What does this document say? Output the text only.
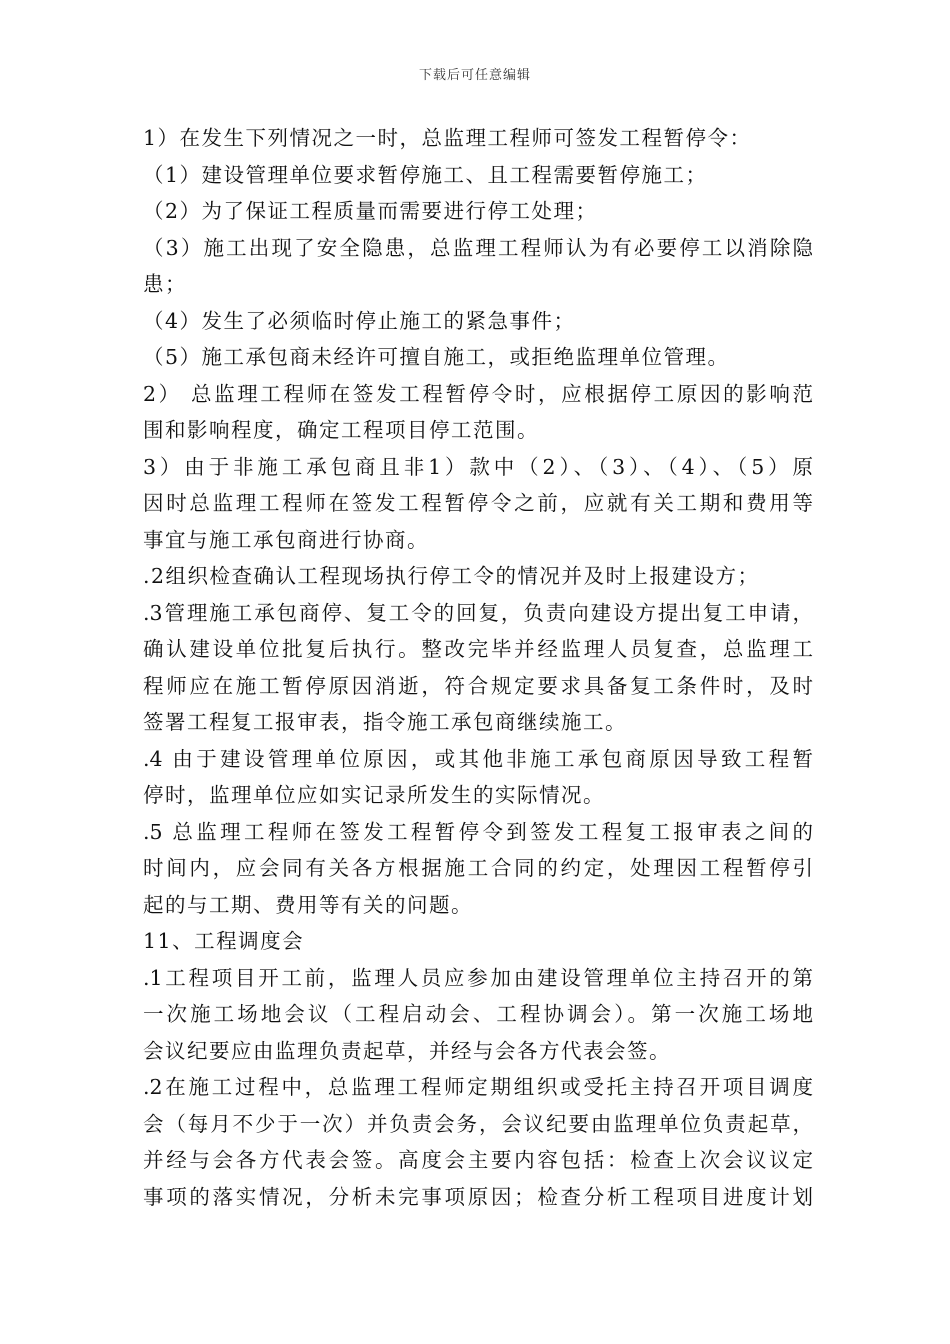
下载后可任意编辑
1）在发生下列情况之一时，总监理工程师可签发工程暂停令：
（1）建设管理单位要求暂停施工、且工程需要暂停施工；
（2）为了保证工程质量而需要进行停工处理；
（3）施工出现了安全隐患，总监理工程师认为有必要停工以消除隐
患；
（4）发生了必须临时停止施工的紧急事件；
（5）施工承包商未经许可擅自施工，或拒绝监理单位管理。
2） 总监理工程师在签发工程暂停令时，应根据停工原因的影响范
围和影响程度，确定工程项目停工范围。
3）由于非施工承包商且非1）款中（2）、（3）、（4）、（5）原
因时总监理工程师在签发工程暂停令之前，应就有关工期和费用等
事宜与施工承包商进行协商。
.2组织检查确认工程现场执行停工令的情况并及时上报建设方；
.3管理施工承包商停、复工令的回复，负责向建设方提出复工申请，
确认建设单位批复后执行。整改完毕并经监理人员复查，总监理工
程师应在施工暂停原因消逝，符合规定要求具备复工条件时，及时
签署工程复工报审表，指令施工承包商继续施工。
.4 由于建设管理单位原因，或其他非施工承包商原因导致工程暂
停时，监理单位应如实记录所发生的实际情况。
.5 总监理工程师在签发工程暂停令到签发工程复工报审表之间的
时间内，应会同有关各方根据施工合同的约定，处理因工程暂停引
起的与工期、费用等有关的问题。
11、工程调度会
.1工程项目开工前，监理人员应参加由建设管理单位主持召开的第
一次施工场地会议（工程启动会、工程协调会）。第一次施工场地
会议纪要应由监理负责起草，并经与会各方代表会签。
.2在施工过程中，总监理工程师定期组织或受托主持召开项目调度
会（每月不少于一次）并负责会务，会议纪要由监理单位负责起草，
并经与会各方代表会签。高度会主要内容包括：检查上次会议议定
事项的落实情况，分析未完事项原因；检查分析工程项目进度计划
